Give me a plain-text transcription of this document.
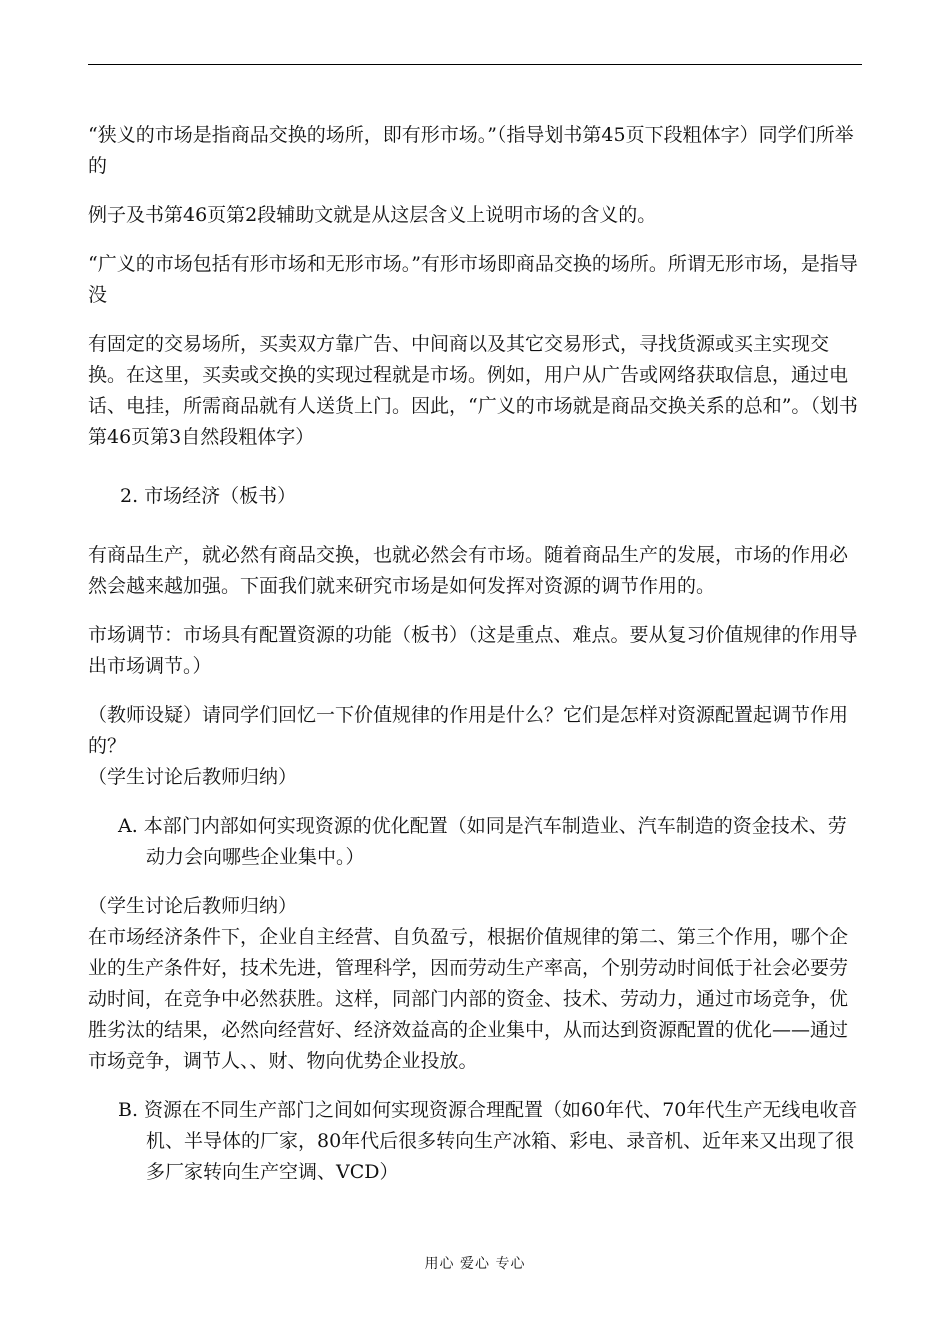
“狭义的市场是指商品交换的场所，即有形市场。”（指导划书第45页下段粗体字）同学们所举的

例子及书第46页第2段辅助文就是从这层含义上说明市场的含义的。

“广义的市场包括有形市场和无形市场。”有形市场即商品交换的场所。所谓无形市场，是指导没

有固定的交易场所，买卖双方靠广告、中间商以及其它交易形式，寻找货源或买主实现交换。在这里，买卖或交换的实现过程就是市场。例如，用户从广告或网络获取信息，通过电话、电挂，所需商品就有人送货上门。因此，“广义的市场就是商品交换关系的总和”。（划书第46页第3自然段粗体字）

2. 市场经济（板书）

有商品生产，就必然有商品交换，也就必然会有市场。随着商品生产的发展，市场的作用必然会越来越加强。下面我们就来研究市场是如何发挥对资源的调节作用的。

市场调节：市场具有配置资源的功能（板书）（这是重点、难点。要从复习价值规律的作用导出市场调节。）

（教师设疑）请同学们回忆一下价值规律的作用是什么？它们是怎样对资源配置起调节作用的？

（学生讨论后教师归纳）

A. 本部门内部如何实现资源的优化配置（如同是汽车制造业、汽车制造的资金技术、劳动力会向哪些企业集中。）

（学生讨论后教师归纳）

在市场经济条件下，企业自主经营、自负盈亏，根据价值规律的第二、第三个作用，哪个企业的生产条件好，技术先进，管理科学，因而劳动生产率高，个别劳动时间低于社会必要劳动时间，在竞争中必然获胜。这样，同部门内部的资金、技术、劳动力，通过市场竞争，优胜劣汰的结果，必然向经营好、经济效益高的企业集中，从而达到资源配置的优化——通过市场竞争，调节人、、财、物向优势企业投放。

B. 资源在不同生产部门之间如何实现资源合理配置（如60年代、70年代生产无线电收音机、半导体的厂家，80年代后很多转向生产冰箱、彩电、录音机、近年来又出现了很多厂家转向生产空调、VCD）

用心 爱心 专心
